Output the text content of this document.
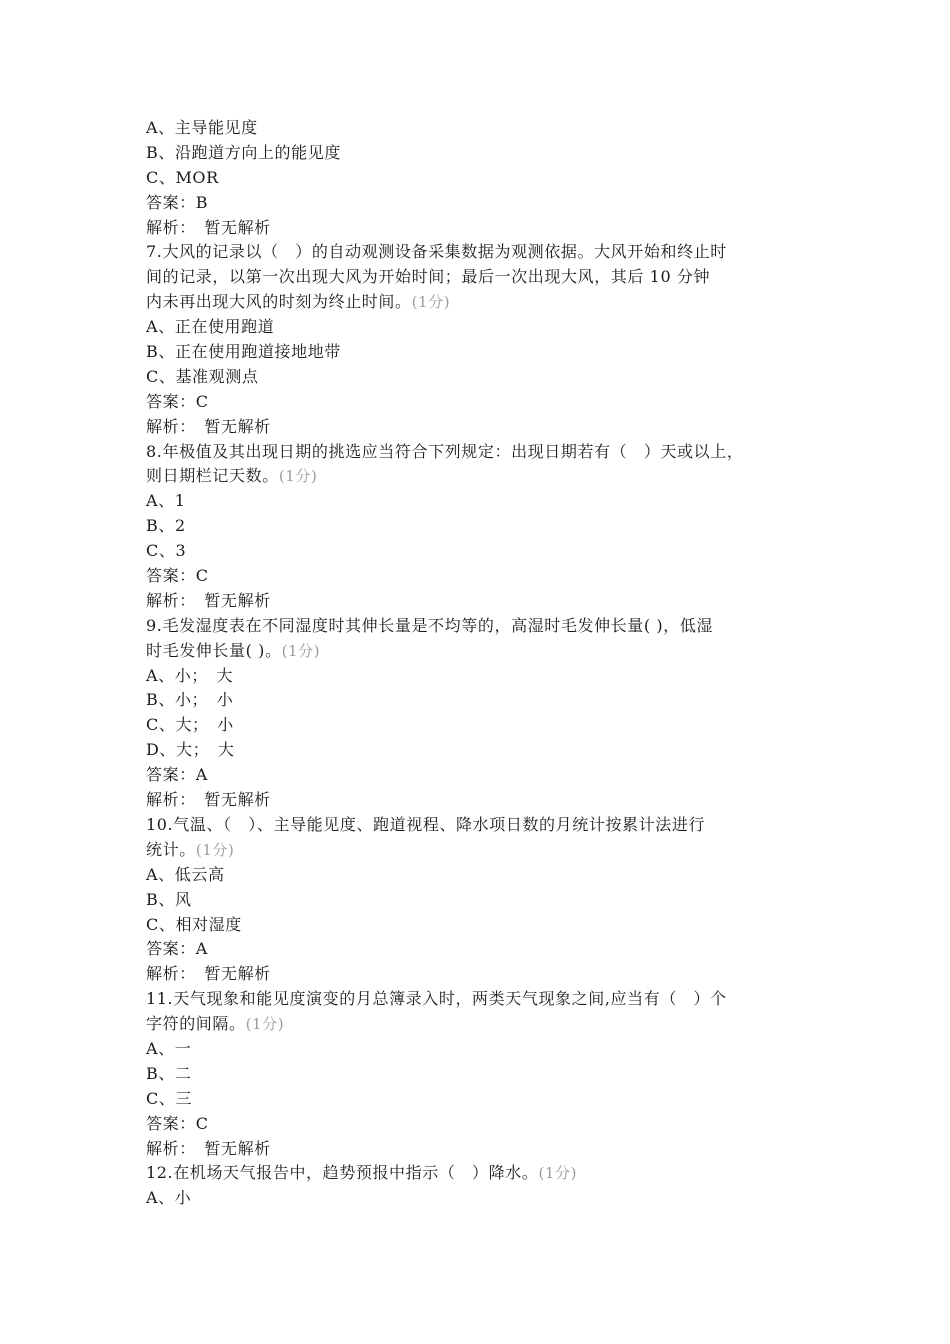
A、主导能见度
B、沿跑道方向上的能见度
C、MOR
答案：B
解析：　暂无解析
7.大风的记录以（　）的自动观测设备采集数据为观测依据。大风开始和终止时
间的记录，以第一次出现大风为开始时间；最后一次出现大风，其后 10 分钟
内未再出现大风的时刻为终止时间。(1分)
A、正在使用跑道
B、正在使用跑道接地地带
C、基准观测点
答案：C
解析：　暂无解析
8.年极值及其出现日期的挑选应当符合下列规定：出现日期若有（　）天或以上，
则日期栏记天数。(1分)
A、1
B、2
C、3
答案：C
解析：　暂无解析
9.毛发湿度表在不同湿度时其伸长量是不均等的，高湿时毛发伸长量( )，低湿
时毛发伸长量( )。(1分)
A、小；　大
B、小；　小
C、大；　小
D、大；　大
答案：A
解析：　暂无解析
10.气温、（　）、主导能见度、跑道视程、降水项日数的月统计按累计法进行
统计。(1分)
A、低云高
B、风
C、相对湿度
答案：A
解析：　暂无解析
11.天气现象和能见度演变的月总簿录入时，两类天气现象之间,应当有（　）个
字符的间隔。(1分)
A、一
B、二
C、三
答案：C
解析：　暂无解析
12.在机场天气报告中，趋势预报中指示（　）降水。(1分)
A、小
